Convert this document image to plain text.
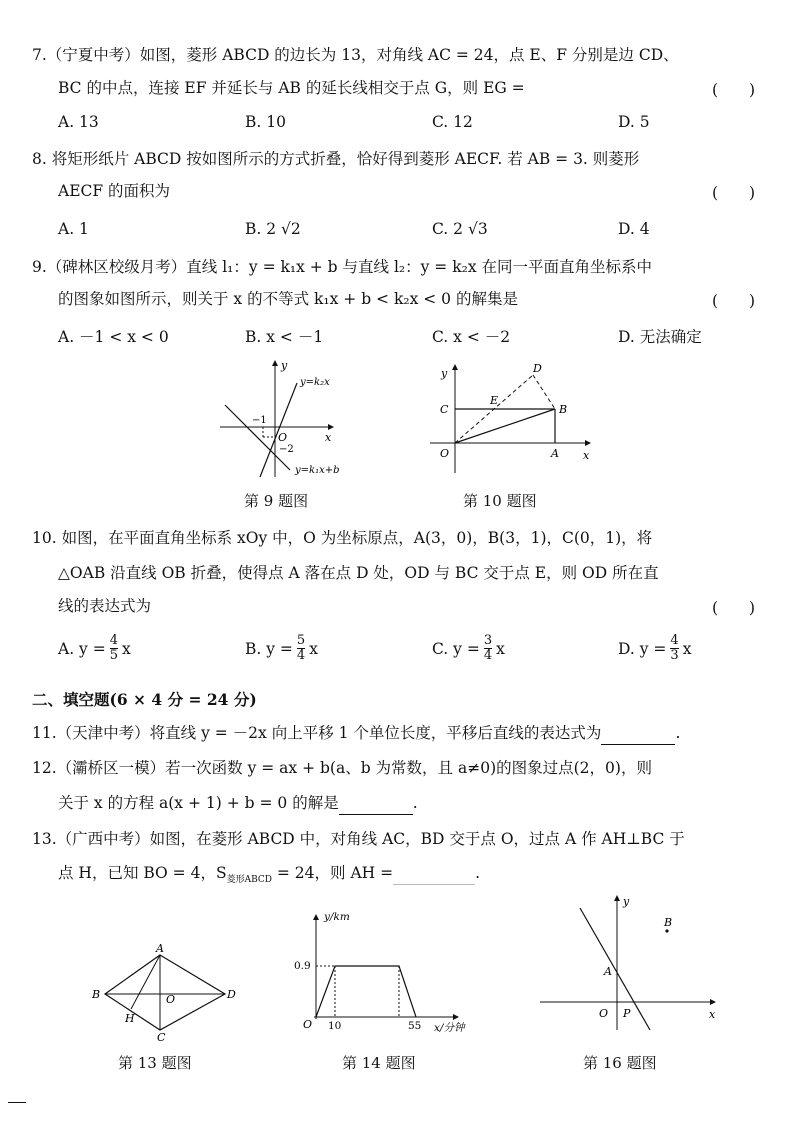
7.（宁夏中考）如图，菱形 ABCD 的边长为 13，对角线 AC = 24，点 E、F 分别是边 CD、
BC 的中点，连接 EF 并延长与 AB 的延长线相交于点 G，则 EG =	(　　)
A. 13	B. 10	C. 12	D. 5
8. 将矩形纸片 ABCD 按如图所示的方式折叠，恰好得到菱形 AECF. 若 AB = 3. 则菱形
AECF 的面积为	(　　)
A. 1	B. 2 √2	C. 2 √3	D. 4
9.（碑林区校级月考）直线 l₁：y = k₁x + b 与直线 l₂：y = k₂x 在同一平面直角坐标系中
的图象如图所示，则关于 x 的不等式 k₁x + b < k₂x < 0 的解集是	(　　)
A. －1 < x < 0	B. x < －1	C. x < －2	D. 无法确定
y
x
O
−1
−2
y=k₂x
y=k₁x+b
第 9 题图
y
x
O	A
B
C
D
E
第 10 题图
10. 如图，在平面直角坐标系 xOy 中，O 为坐标原点，A(3，0)，B(3，1)，C(0，1)，将
△OAB 沿直线 OB 折叠，使得点 A 落在点 D 处，OD 与 BC 交于点 E，则 OD 所在直
线的表达式为	(　　)
A. $y = \frac{4}{5}$ x	B. $y = \frac{5}{4}$ x	C. $y = \frac{3}{4}$ x	D. $y = \frac{4}{3}$ x
二、填空题(6 × 4 分 = 24 分)
11.（天津中考）将直线 y = －2x 向上平移 1 个单位长度，平移后直线的表达式为	.
12.（灞桥区一模）若一次函数 y = ax + b(a、b 为常数，且 a≠0)的图象过点(2，0)，则
关于 x 的方程 a(x + 1) + b = 0 的解是	.
13.（广西中考）如图，在菱形 ABCD 中，对角线 AC，BD 交于点 O，过点 A 作 AH⊥BC 于
点 H，已知 BO = 4，$S_{菱形ABCD} = 24$，则 AH =	.
A
B
C
D
H
O
第 13 题图
y/km
x/分钟
O
0.9
10	55
第 14 题图
y
x
O
A
B
P
第 16 题图
